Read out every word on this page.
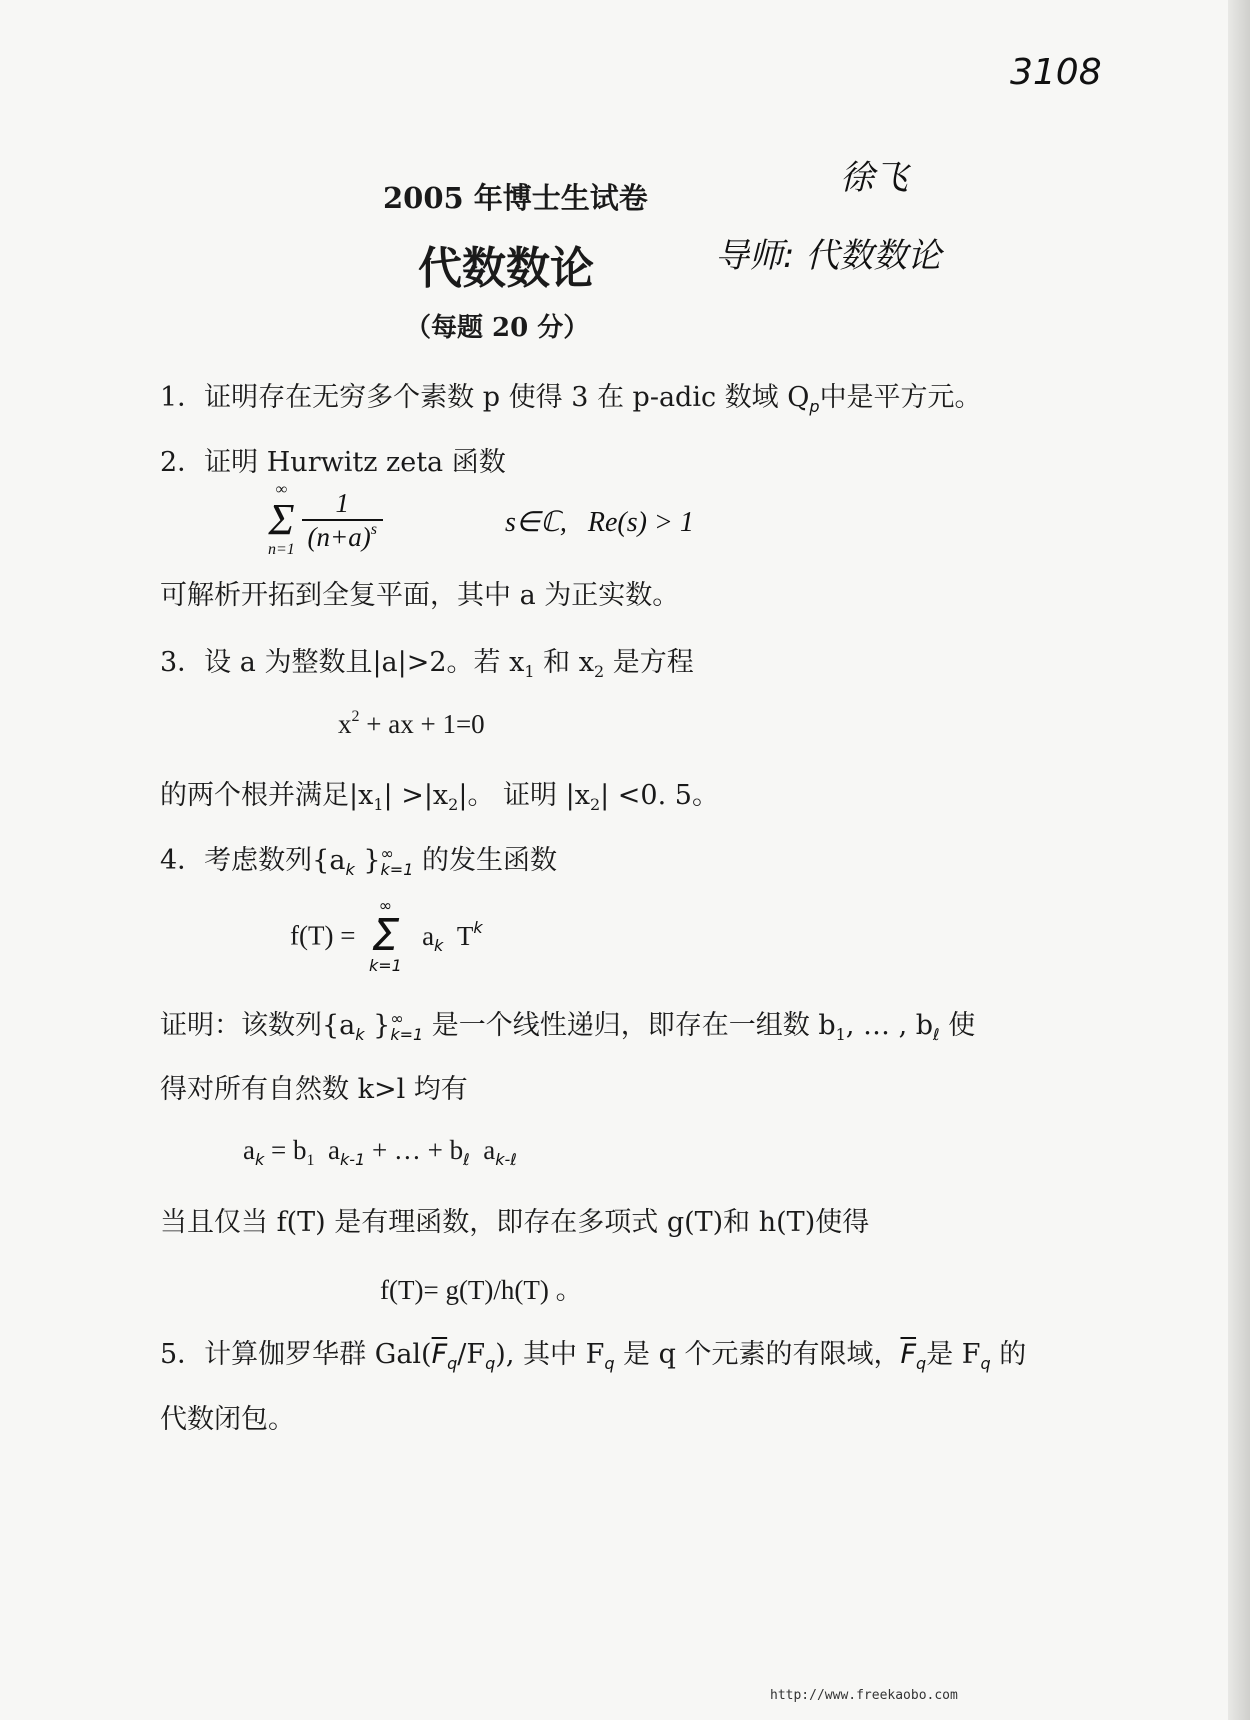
3108
徐飞
导师: 代数数论
2005 年博士生试卷
代数数论
（每题 20 分）
1．证明存在无穷多个素数 p 使得 3 在 p-adic 数域 $Q_p$中是平方元。
2．证明 Hurwitz zeta 函数
∞
Σ
n=1
$\frac{1}{(n+a)^s}$	s∈ℂ, Re(s) > 1
可解析开拓到全复平面，其中 a 为正实数。
3．设 a 为整数且|a|>2。若 $x_1$ 和 $x_2$ 是方程
$x^2$ + ax + 1=0
的两个根并满足$|x_1| >|x_2|$。 证明 $|x_2| <0$. 5。
4．考虑数列{$a_k$ } ∞
k=1 的发生函数
f(T) =
∞
Σ
k=1
$a_k$ $T^k$
证明：该数列{$a_k$ } ∞
k=1 是一个线性递归，即存在一组数 $b_1$, … , $b_\ell$ 使
得对所有自然数 k>l 均有
$a_k = b_1$  $a_{k-1}$ + … + $b_\ell$  $a_{k-\ell}$
当且仅当 f(T) 是有理函数，即存在多项式 g(T)和 h(T)使得
f(T)= g(T)/h(T) 。
5．计算伽罗华群 $Gal(\overline{F}_q/F_q)$, 其中 $F_q$ 是 q 个元素的有限域，$\overline{F}_q$是 $F_q$ 的
代数闭包。
http://www.freekaobo.com
